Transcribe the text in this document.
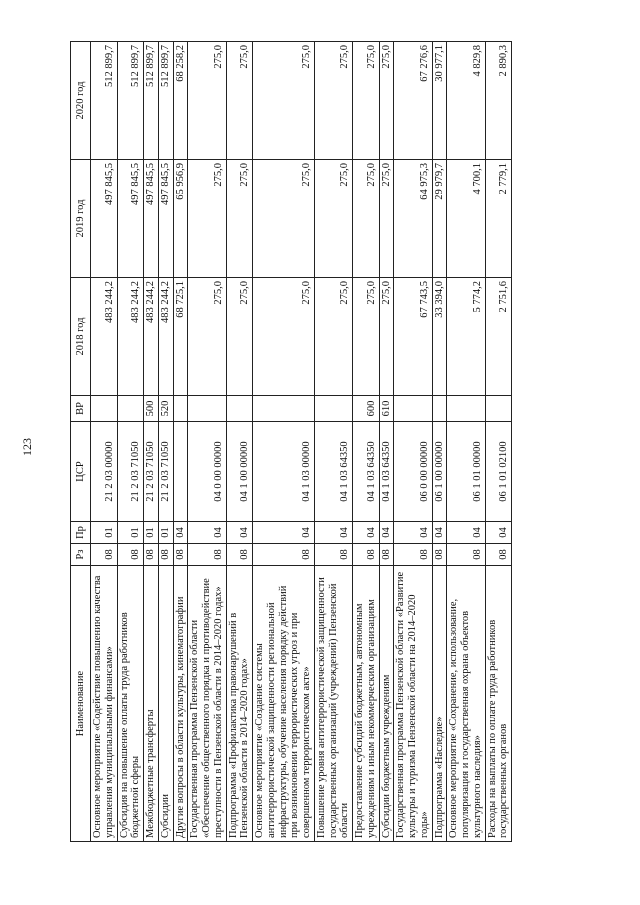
123
Наименование	Рз	Пр	ЦСР	ВР	2018 год	2019 год	2020 год
Основное мероприятие «Содействие повышению качества управления муниципальными финансами»	08	01	21 2 03 00000		483 244,2	497 845,5	512 899,7
Субсидия на повышение оплаты труда работников бюджетной сферы	08	01	21 2 03 71050		483 244,2	497 845,5	512 899,7
Межбюджетные трансферты	08	01	21 2 03 71050	500	483 244,2	497 845,5	512 899,7
Субсидии	08	01	21 2 03 71050	520	483 244,2	497 845,5	512 899,7
Другие вопросы в области культуры, кинематографии	08	04			68 725,1	65 956,9	68 258,2
Государственная программа Пензенской области «Обеспечение общественного порядка и противодействие преступности в Пензенской области в 2014–2020 годах»	08	04	04 0 00 00000		275,0	275,0	275,0
Подпрограмма «Профилактика правонарушений в Пензенской области в 2014–2020 годах»	08	04	04 1 00 00000		275,0	275,0	275,0
Основное мероприятие «Создание системы антитеррористической защищенности региональной инфраструктуры, обучение населения порядку действий при возникновении террористических угроз и при совершенном террористическом акте»	08	04	04 1 03 00000		275,0	275,0	275,0
Повышение уровня антитеррористической защищенности государственных организаций (учреждений) Пензенской области	08	04	04 1 03 64350		275,0	275,0	275,0
Предоставление субсидий бюджетным, автономным учреждениям и иным некоммерческим организациям	08	04	04 1 03 64350	600	275,0	275,0	275,0
Субсидии бюджетным учреждениям	08	04	04 1 03 64350	610	275,0	275,0	275,0
Государственная программа Пензенской области «Развитие культуры и туризма Пензенской области на 2014–2020 годы»	08	04	06 0 00 00000		67 743,5	64 975,3	67 276,6
Подпрограмма «Наследие»	08	04	06 1 00 00000		33 394,0	29 979,7	30 977,1
Основное мероприятие «Сохранение, использование, популяризация и государственная охрана объектов культурного наследия»	08	04	06 1 01 00000		5 774,2	4 700,1	4 829,8
Расходы на выплаты по оплате труда работников государственных органов	08	04	06 1 01 02100		2 751,6	2 779,1	2 890,3
